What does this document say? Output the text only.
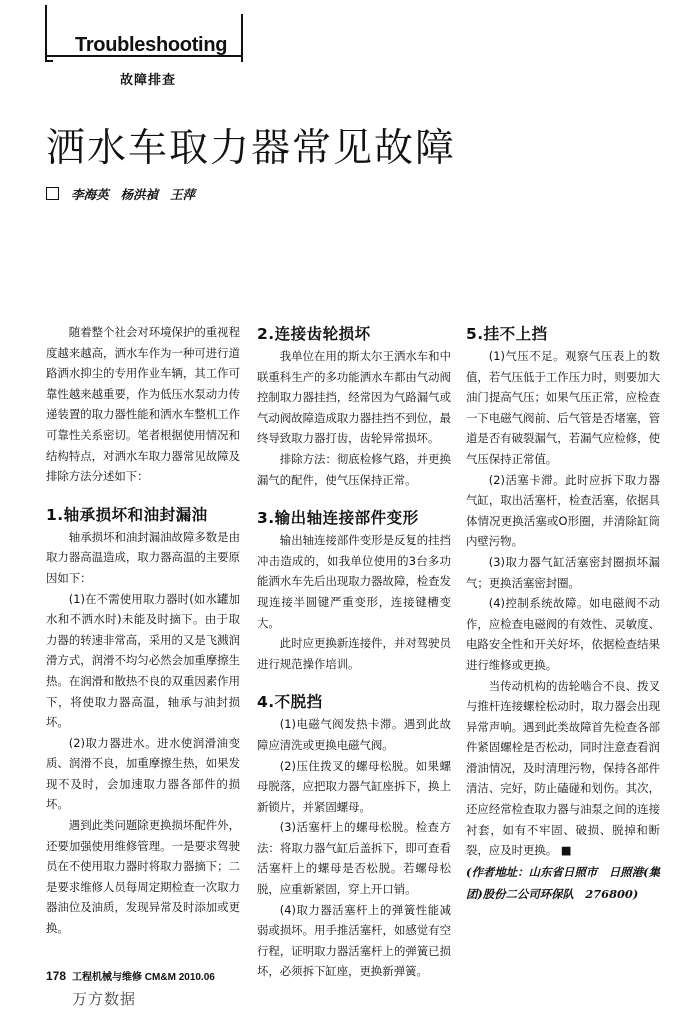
Troubleshooting
故障排查
洒水车取力器常见故障
李海英 杨洪禎 王萍

随着整个社会对环境保护的重视程度越来越高，洒水车作为一种可进行道路洒水抑尘的专用作业车辆，其工作可靠性越来越重要，作为低压水泵动力传递装置的取力器性能和洒水车整机工作可靠性关系密切。笔者根据使用情况和结构特点，对洒水车取力器常见故障及排除方法分述如下：

1.轴承损坏和油封漏油

轴承损坏和油封漏油故障多数是由取力器高温造成，取力器高温的主要原因如下：

(1)在不需使用取力器时(如水罐加水和不洒水时)未能及时摘下。由于取力器的转速非常高，采用的又是飞溅润滑方式，润滑不均匀必然会加重摩擦生热。在润滑和散热不良的双重因素作用下，将使取力器高温，轴承与油封损坏。

(2)取力器进水。进水使润滑油变质、润滑不良，加重摩擦生热，如果发现不及时，会加速取力器各部件的损坏。

遇到此类问题除更换损坏配件外，还要加强使用维修管理。一是要求驾驶员在不使用取力器时将取力器摘下；二是要求维修人员每周定期检查一次取力器油位及油质，发现异常及时添加或更换。

2.连接齿轮损坏

我单位在用的斯太尔王洒水车和中联重科生产的多功能洒水车都由气动阀控制取力器挂挡，经常因为气路漏气或气动阀故障造成取力器挂挡不到位，最终导致取力器打齿，齿轮异常损坏。

排除方法：彻底检修气路，并更换漏气的配件，使气压保持正常。

3.输出轴连接部件变形

输出轴连接部件变形是反复的挂挡冲击造成的，如我单位使用的3台多功能洒水车先后出现取力器故障，检查发现连接半圆键严重变形，连接键槽变大。

此时应更换新连接件，并对驾驶员进行规范操作培训。

4.不脱挡

(1)电磁气阀发热卡滞。遇到此故障应清洗或更换电磁气阀。

(2)压住拨叉的螺母松脱。如果螺母脱落，应把取力器气缸座拆下，换上新锁片，并紧固螺母。

(3)活塞杆上的螺母松脱。检查方法：将取力器气缸后盖拆下，即可查看活塞杆上的螺母是否松脱。若螺母松脱，应重新紧固，穿上开口销。

(4)取力器活塞杆上的弹簧性能减弱或损坏。用手推活塞杆，如感觉有空行程，证明取力器活塞杆上的弹簧已损坏，必须拆下缸座，更换新弹簧。

5.挂不上挡

(1)气压不足。观察气压表上的数值，若气压低于工作压力时，则要加大油门提高气压；如果气压正常，应检查一下电磁气阀前、后气管是否堵塞，管道是否有破裂漏气，若漏气应检修，使气压保持正常值。

(2)活塞卡滞。此时应拆下取力器气缸，取出活塞杆，检查活塞，依据具体情况更换活塞或O形圈，并清除缸筒内壁污物。

(3)取力器气缸活塞密封圈损坏漏气；更换活塞密封圈。

(4)控制系统故障。如电磁阀不动作，应检查电磁阀的有效性、灵敏度、电路安全性和开关好坏，依据检查结果进行维修或更换。

当传动机构的齿轮啮合不良、拨叉与推杆连接螺栓松动时，取力器会出现异常声响。遇到此类故障首先检查各部件紧固螺栓是否松动，同时注意查看润滑油情况，及时清理污物，保持各部件清洁、完好，防止磕碰和划伤。其次，还应经常检查取力器与油泵之间的连接衬套，如有不牢固、破损、脱掉和断裂，应及时更换。 ■

(作者地址：山东省日照市　日照港(集团)股份二公司环保队　276800)
178 工程机械与维修 CM&M 2010.06
万方数据
